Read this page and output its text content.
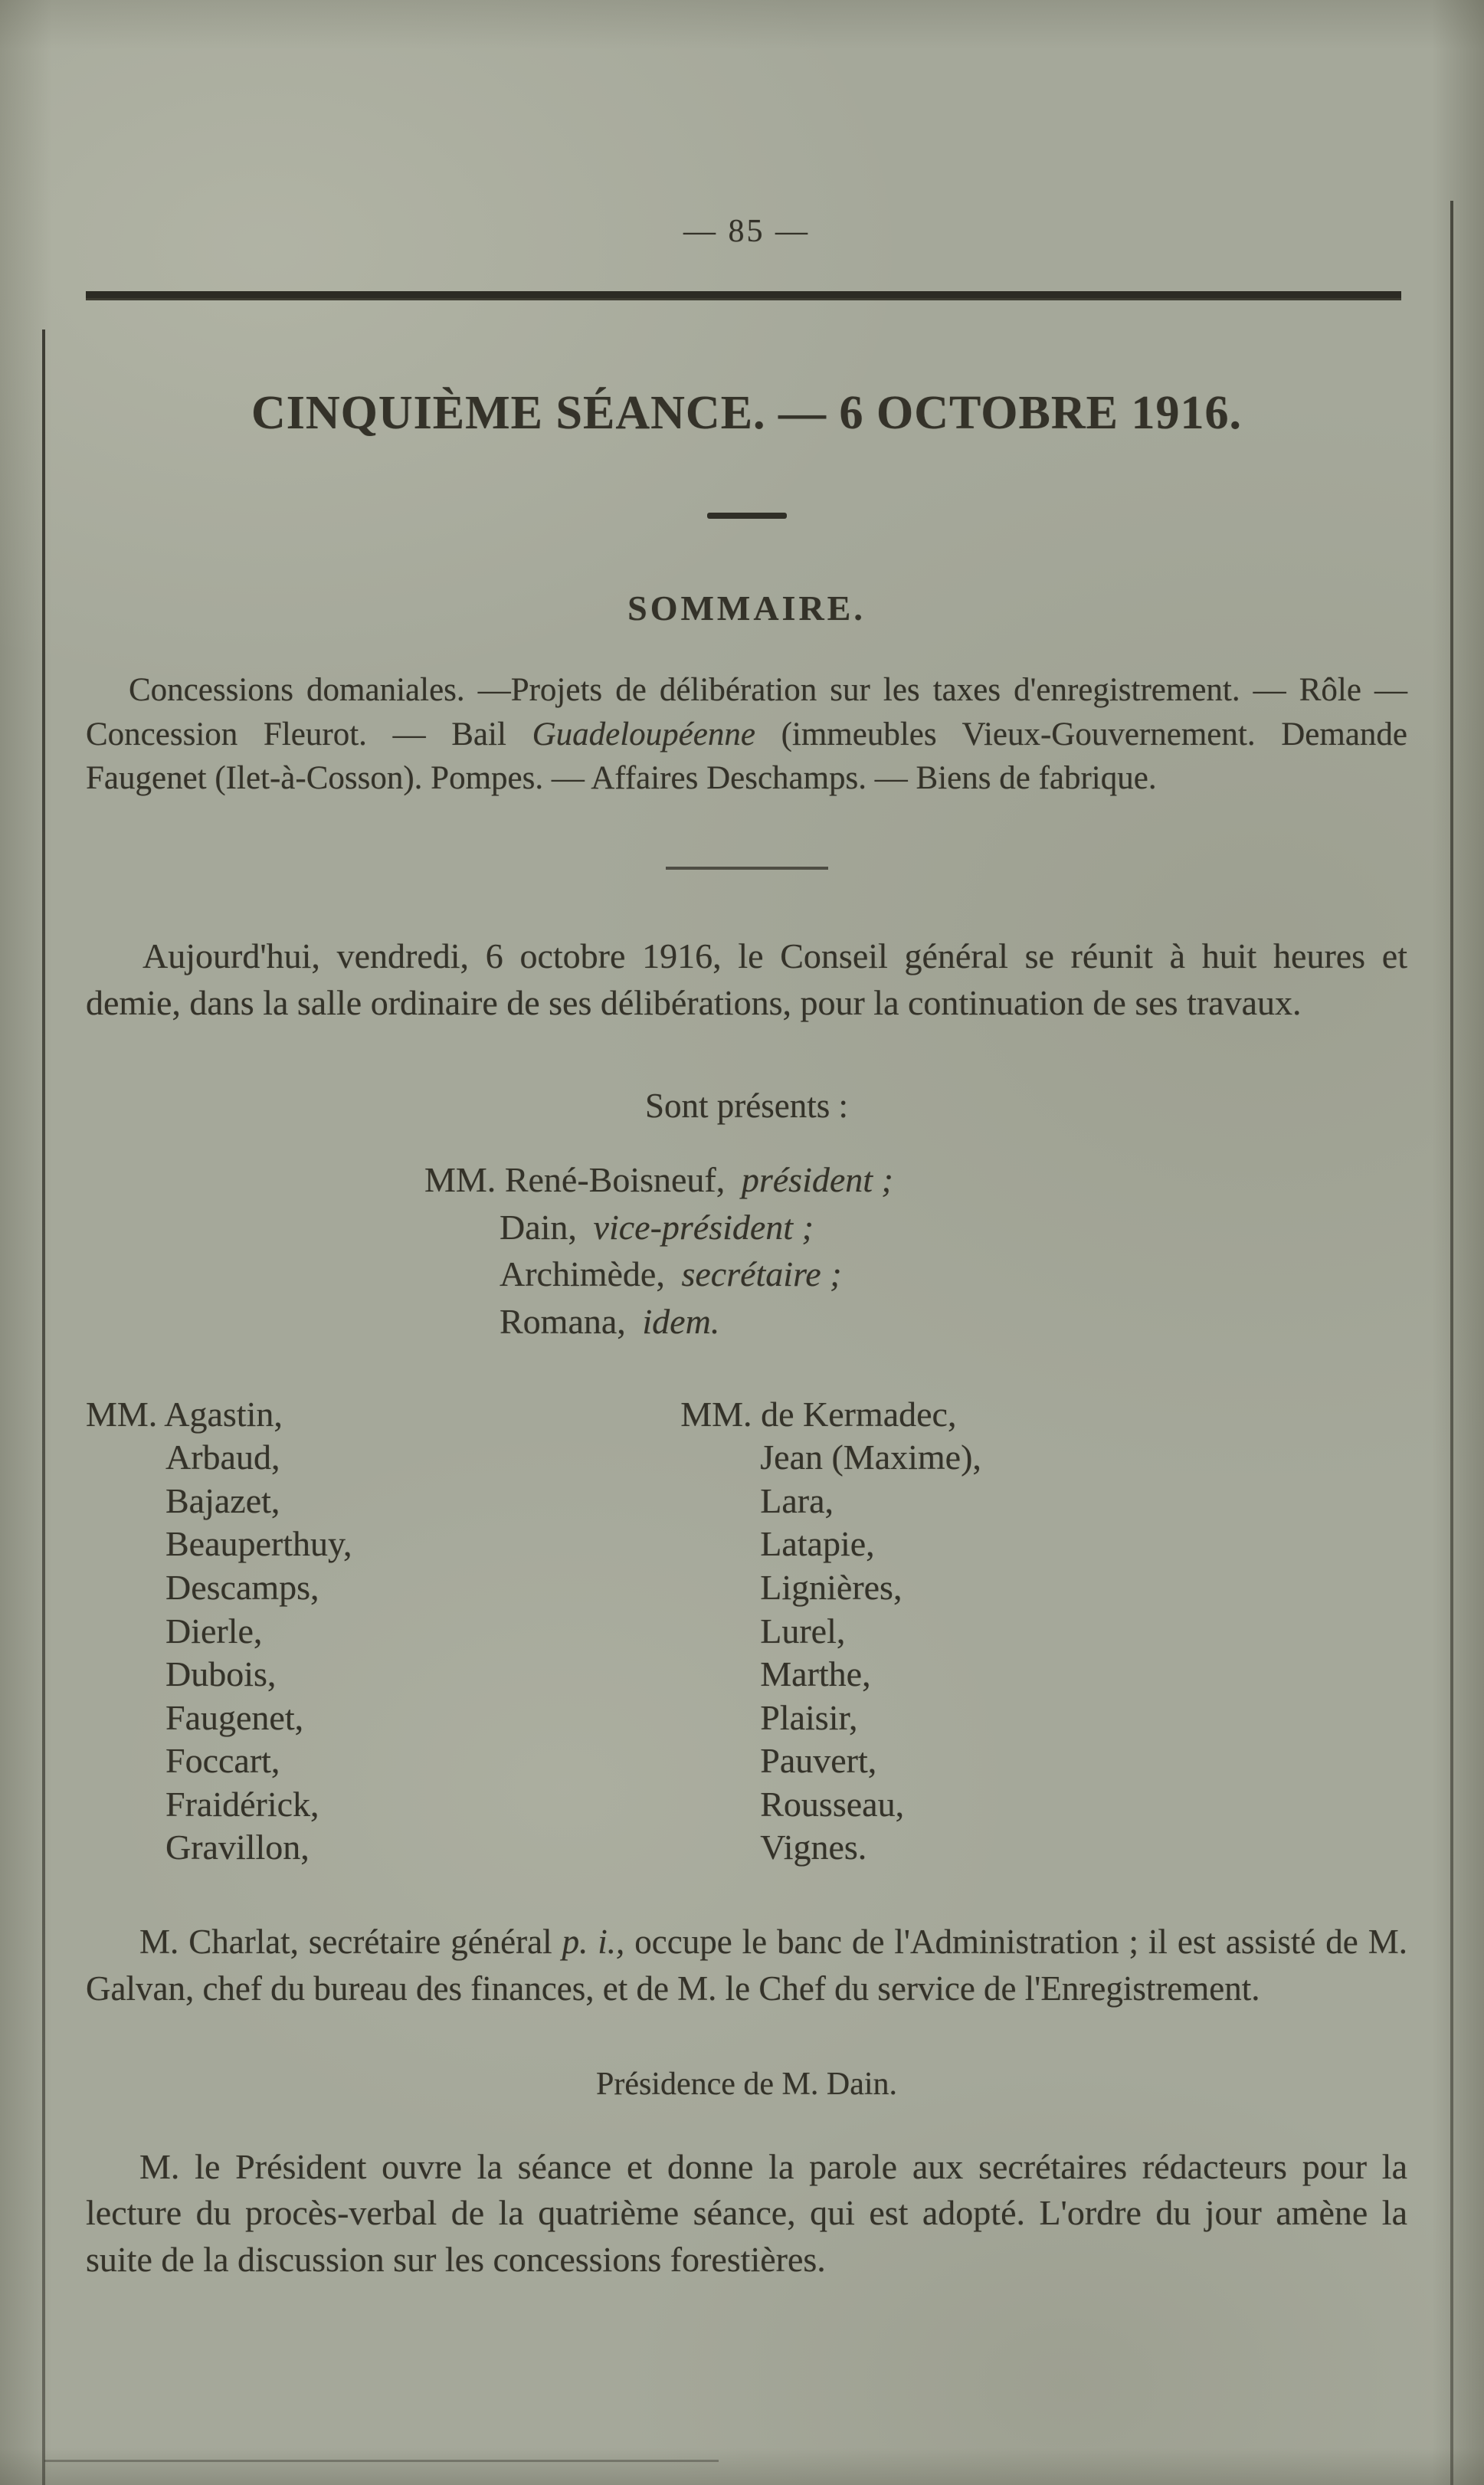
— 85 —
CINQUIÈME SÉANCE. — 6 OCTOBRE 1916.
SOMMAIRE.

Concessions domaniales. —Projets de délibération sur les taxes d'enregistrement. — Rôle — Concession Fleurot. — Bail Guadeloupéenne (immeubles Vieux-Gouvernement. Demande Faugenet (Ilet-à-Cosson). Pompes. — Affaires Deschamps. — Biens de fabrique.

Aujourd'hui, vendredi, 6 octobre 1916, le Conseil général se réunit à huit heures et demie, dans la salle ordinaire de ses délibérations, pour la continuation de ses travaux.

Sont présents :
MM. René-Boisneuf, président ;
Dain, vice-président ;
Archimède, secrétaire ;
Romana, idem.
MM. Agastin,
Arbaud,
Bajazet,
Beauperthuy,
Descamps,
Dierle,
Dubois,
Faugenet,
Foccart,
Fraidérick,
Gravillon,
MM. de Kermadec,
Jean (Maxime),
Lara,
Latapie,
Lignières,
Lurel,
Marthe,
Plaisir,
Pauvert,
Rousseau,
Vignes.

M. Charlat, secrétaire général p. i., occupe le banc de l'Administration ; il est assisté de M. Galvan, chef du bureau des finances, et de M. le Chef du service de l'Enregistrement.

Présidence de M. Dain.

M. le Président ouvre la séance et donne la parole aux secrétaires rédacteurs pour la lecture du procès-verbal de la quatrième séance, qui est adopté. L'ordre du jour amène la suite de la discussion sur les concessions forestières.
